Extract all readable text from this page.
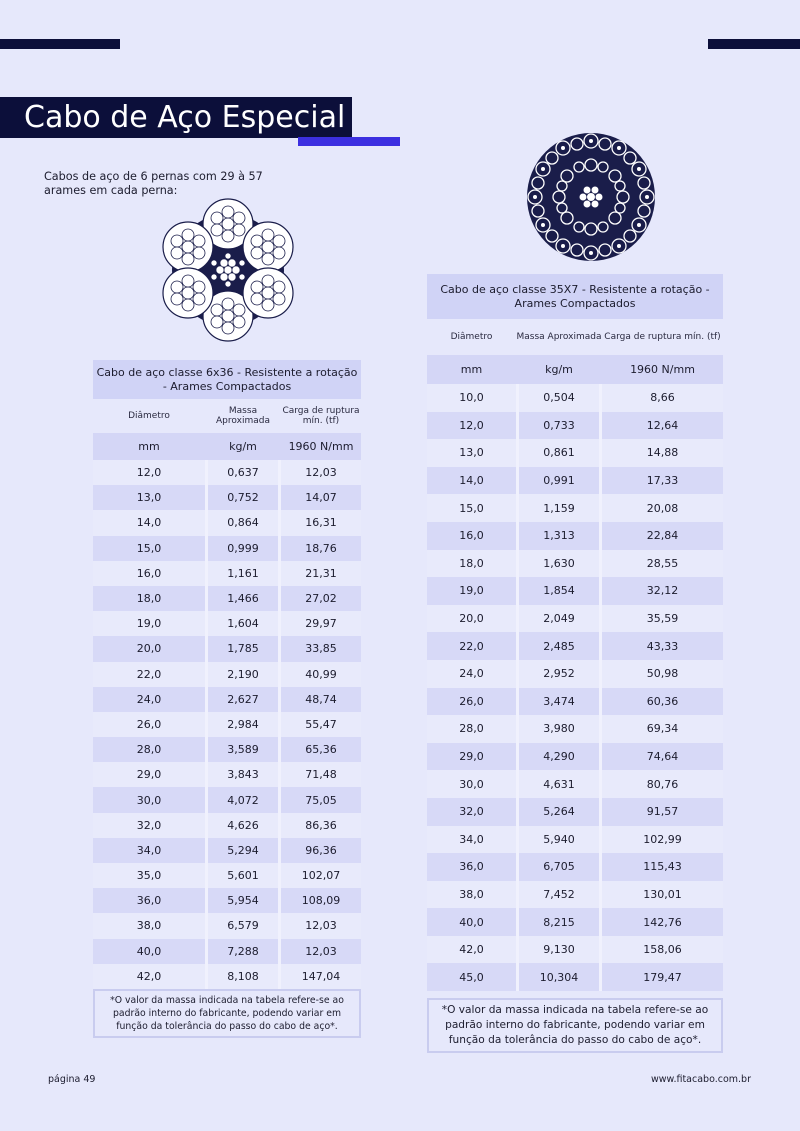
Cabo de Aço Especial
Cabos de aço de 6 pernas com 29 à 57 arames em cada perna:
Cabo de aço classe 6x36 - Resistente a rotação - Arames Compactados		
Diâmetro	Massa Aproximada	Carga de ruptura mín. (tf)
mm	kg/m	1960 N/mm
12,0	0,637	12,03
13,0	0,752	14,07
14,0	0,864	16,31
15,0	0,999	18,76
16,0	1,161	21,31
18,0	1,466	27,02
19,0	1,604	29,97
20,0	1,785	33,85
22,0	2,190	40,99
24,0	2,627	48,74
26,0	2,984	55,47
28,0	3,589	65,36
29,0	3,843	71,48
30,0	4,072	75,05
32,0	4,626	86,36
34,0	5,294	96,36
35,0	5,601	102,07
36,0	5,954	108,09
38,0	6,579	12,03
40,0	7,288	12,03
42,0	8,108	147,04
*O valor da massa indicada na tabela refere-se ao padrão interno do fabricante, podendo variar em função da tolerância do passo do cabo de aço*.
Cabo de aço classe 35X7 - Resistente a rotação - Arames Compactados		
Diâmetro	Massa Aproximada	Carga de ruptura mín. (tf)
mm	kg/m	1960 N/mm
10,0	0,504	8,66
12,0	0,733	12,64
13,0	0,861	14,88
14,0	0,991	17,33
15,0	1,159	20,08
16,0	1,313	22,84
18,0	1,630	28,55
19,0	1,854	32,12
20,0	2,049	35,59
22,0	2,485	43,33
24,0	2,952	50,98
26,0	3,474	60,36
28,0	3,980	69,34
29,0	4,290	74,64
30,0	4,631	80,76
32,0	5,264	91,57
34,0	5,940	102,99
36,0	6,705	115,43
38,0	7,452	130,01
40,0	8,215	142,76
42,0	9,130	158,06
45,0	10,304	179,47
*O valor da massa indicada na tabela refere-se ao padrão interno do fabricante, podendo variar em função da tolerância do passo do cabo de aço*.
página 49	www.fitacabo.com.br
